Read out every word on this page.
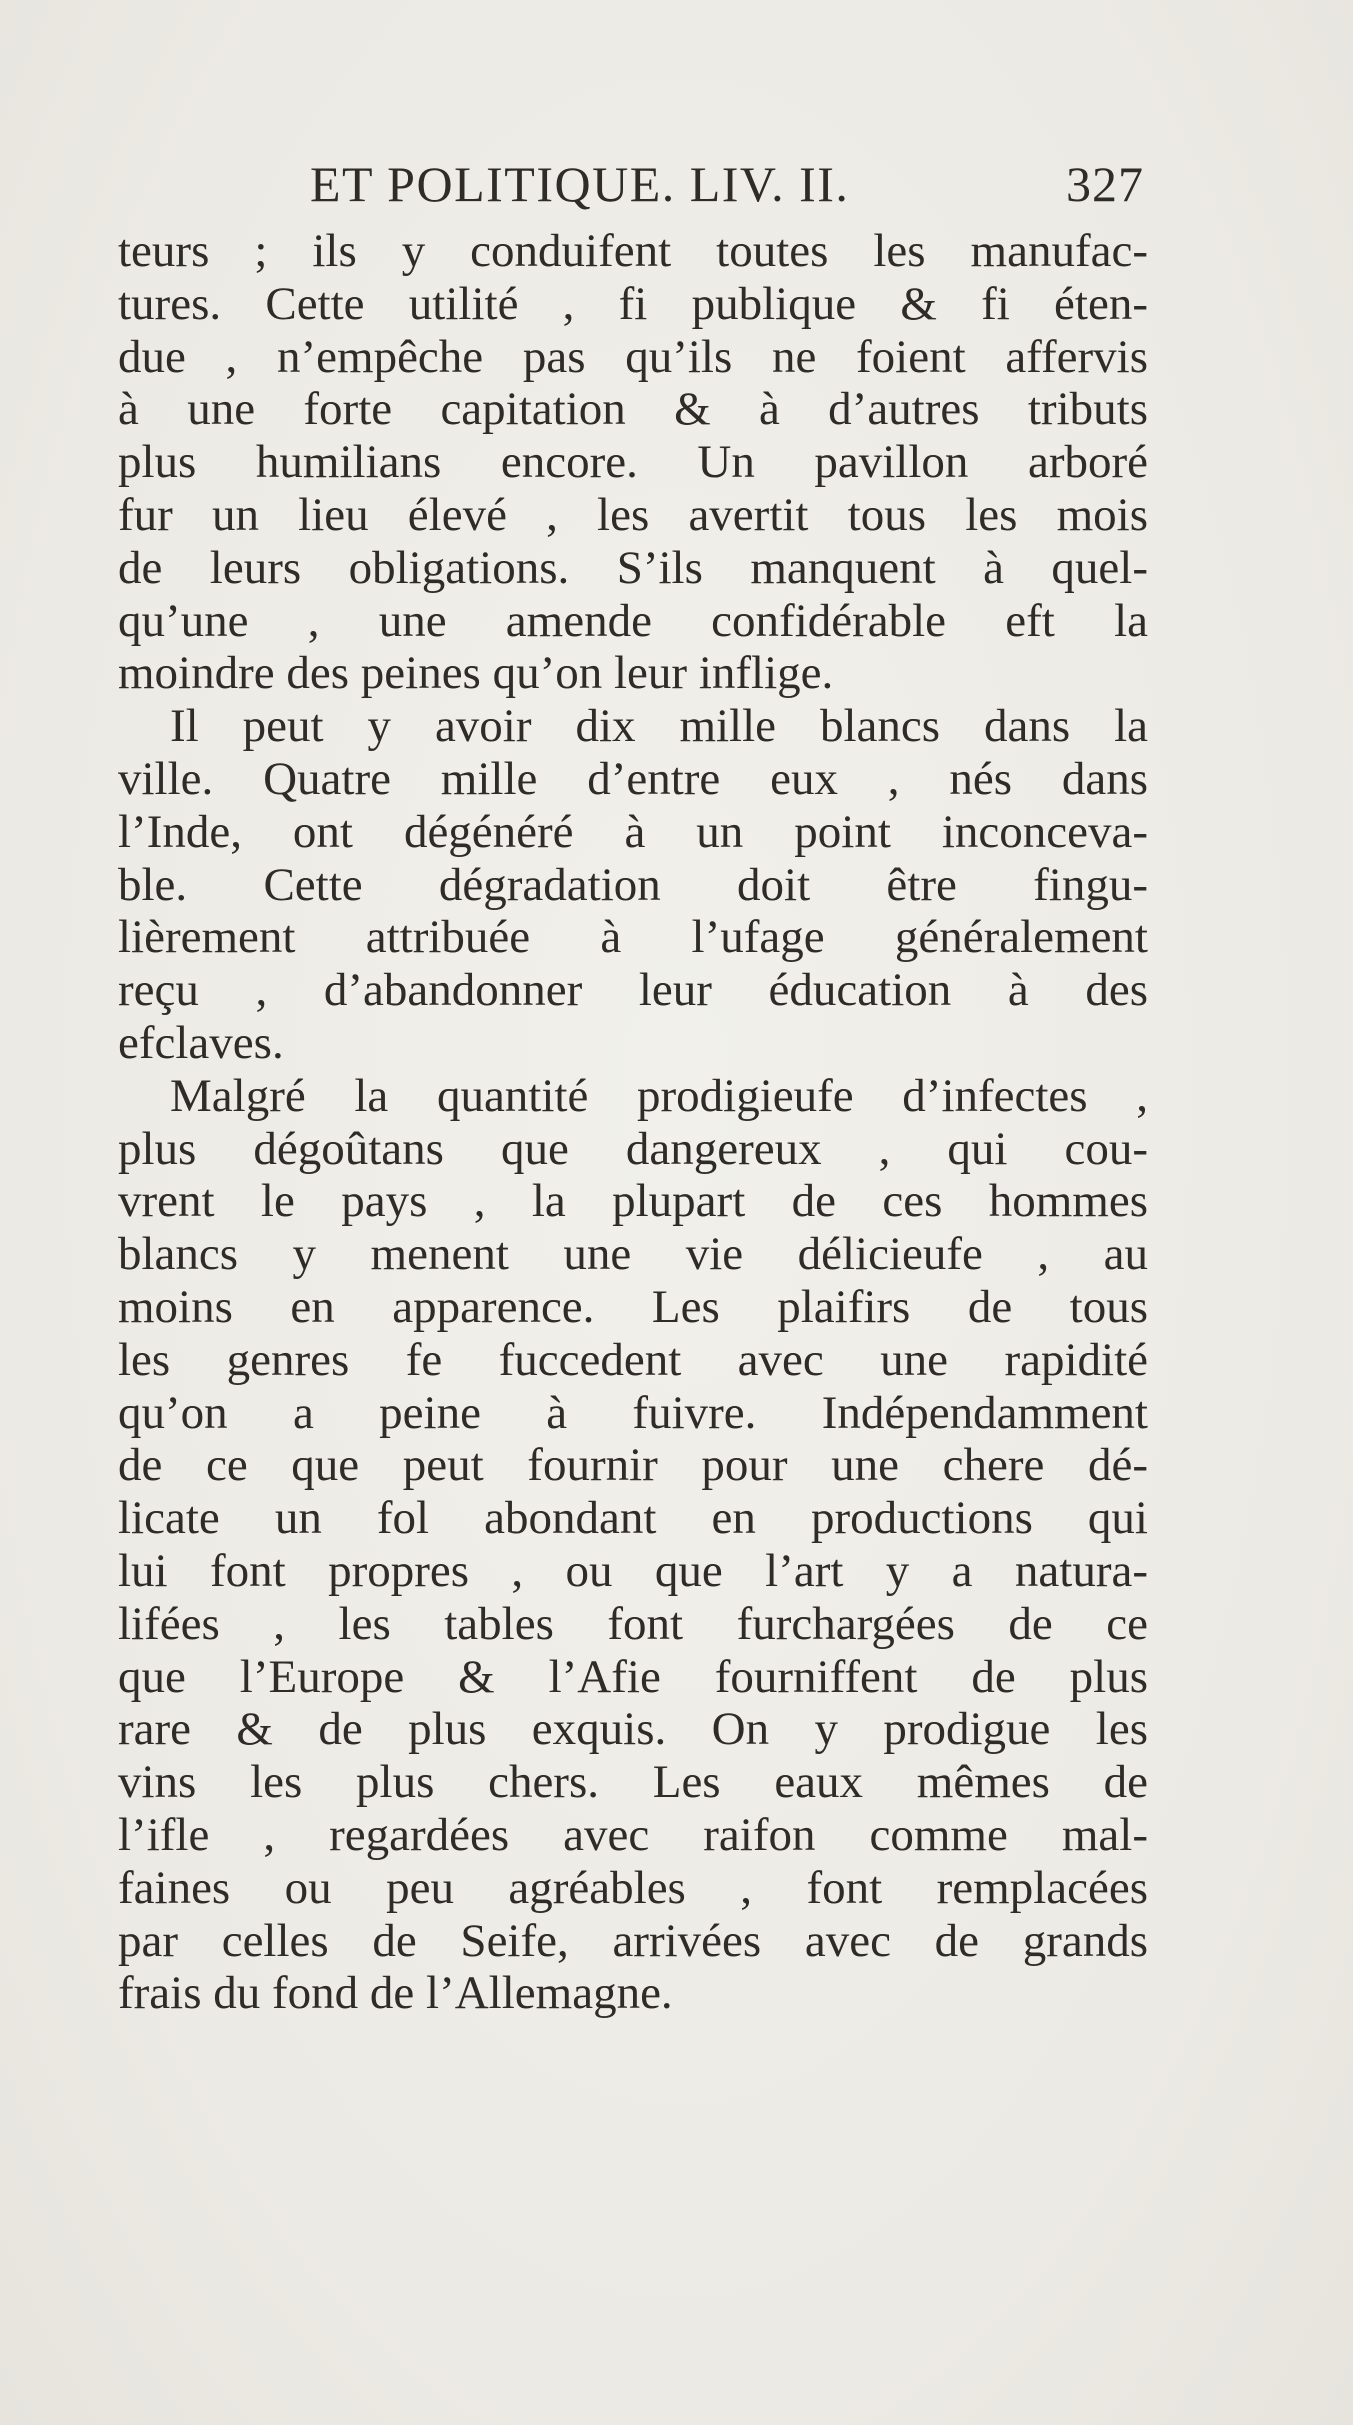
ET POLITIQUE. LIV. II.	327
teurs ; ils y conduifent toutes les manufac-
tures. Cette utilité , fi publique & fi éten-
due , n’empêche pas qu’ils ne foient affervis
à une forte capitation & à d’autres tributs
plus humilians encore. Un pavillon arboré
fur un lieu élevé , les avertit tous les mois
de leurs obligations. S’ils manquent à quel-
qu’une , une amende confidérable eft la
moindre des peines qu’on leur inflige.
Il peut y avoir dix mille blancs dans la
ville. Quatre mille d’entre eux , nés dans
l’Inde, ont dégénéré à un point inconceva-
ble. Cette dégradation doit être fingu-
lièrement attribuée à l’ufage généralement
reçu , d’abandonner leur éducation à des
efclaves.
Malgré la quantité prodigieufe d’infectes ,
plus dégoûtans que dangereux , qui cou-
vrent le pays , la plupart de ces hommes
blancs y menent une vie délicieufe , au
moins en apparence. Les plaifirs de tous
les genres fe fuccedent avec une rapidité
qu’on a peine à fuivre. Indépendamment
de ce que peut fournir pour une chere dé-
licate un fol abondant en productions qui
lui font propres , ou que l’art y a natura-
lifées , les tables font furchargées de ce
que l’Europe & l’Afie fourniffent de plus
rare & de plus exquis. On y prodigue les
vins les plus chers. Les eaux mêmes de
l’ifle , regardées avec raifon comme mal-
faines ou peu agréables , font remplacées
par celles de Seife, arrivées avec de grands
frais du fond de l’Allemagne.
